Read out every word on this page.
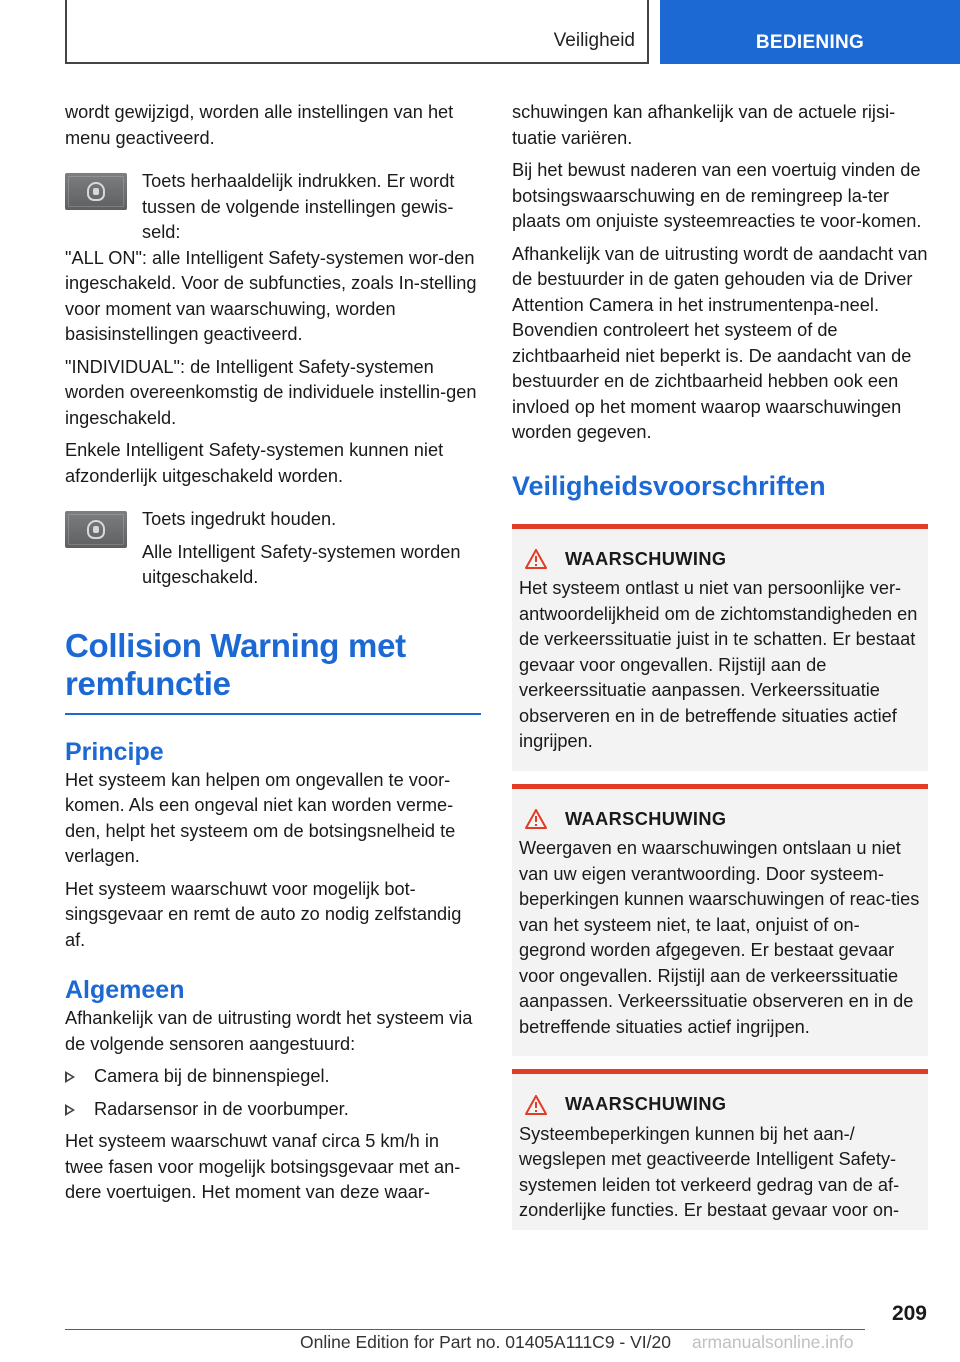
Veiligheid	BEDIENING

wordt gewijzigd, worden alle instellingen van het menu geactiveerd.

Toets herhaaldelijk indrukken. Er wordt tussen de volgende instellingen gewis-seld:

"ALL ON": alle Intelligent Safety-systemen wor-den ingeschakeld. Voor de subfuncties, zoals In-stelling voor moment van waarschuwing, worden basisinstellingen geactiveerd.

"INDIVIDUAL": de Intelligent Safety-systemen worden overeenkomstig de individuele instellin-gen ingeschakeld.

Enkele Intelligent Safety-systemen kunnen niet afzonderlijk uitgeschakeld worden.

Toets ingedrukt houden.

Alle Intelligent Safety-systemen worden uitgeschakeld.

Collision Warning met remfunctie
Principe

Het systeem kan helpen om ongevallen te voor-komen. Als een ongeval niet kan worden verme-den, helpt het systeem om de botsingsnelheid te verlagen.

Het systeem waarschuwt voor mogelijk bot-singsgevaar en remt de auto zo nodig zelfstandig af.

Algemeen

Afhankelijk van de uitrusting wordt het systeem via de volgende sensoren aangestuurd:

Camera bij de binnenspiegel.
Radarsensor in de voorbumper.

Het systeem waarschuwt vanaf circa 5 km/h in twee fasen voor mogelijk botsingsgevaar met an-dere voertuigen. Het moment van deze waar-

schuwingen kan afhankelijk van de actuele rijsi-tuatie variëren.

Bij het bewust naderen van een voertuig vinden de botsingswaarschuwing en de remingreep la-ter plaats om onjuiste systeemreacties te voor-komen.

Afhankelijk van de uitrusting wordt de aandacht van de bestuurder in de gaten gehouden via de Driver Attention Camera in het instrumentenpa-neel. Bovendien controleert het systeem of de zichtbaarheid niet beperkt is. De aandacht van de bestuurder en de zichtbaarheid hebben ook een invloed op het moment waarop waarschuwingen worden gegeven.

Veiligheidsvoorschriften
WAARSCHUWING

Het systeem ontlast u niet van persoonlijke ver-antwoordelijkheid om de zichtomstandigheden en de verkeerssituatie juist in te schatten. Er bestaat gevaar voor ongevallen. Rijstijl aan de verkeerssituatie aanpassen. Verkeerssituatie observeren en in de betreffende situaties actief ingrijpen.

WAARSCHUWING

Weergaven en waarschuwingen ontslaan u niet van uw eigen verantwoording. Door systeem-beperkingen kunnen waarschuwingen of reac-ties van het systeem niet, te laat, onjuist of on-gegrond worden afgegeven. Er bestaat gevaar voor ongevallen. Rijstijl aan de verkeerssituatie aanpassen. Verkeerssituatie observeren en in de betreffende situaties actief ingrijpen.

WAARSCHUWING

Systeembeperkingen kunnen bij het aan-/ wegslepen met geactiveerde Intelligent Safety-systemen leiden tot verkeerd gedrag van de af-zonderlijke functies. Er bestaat gevaar voor on-

209
Online Edition for Part no. 01405A111C9 - VI/20 armanualsonline.info
